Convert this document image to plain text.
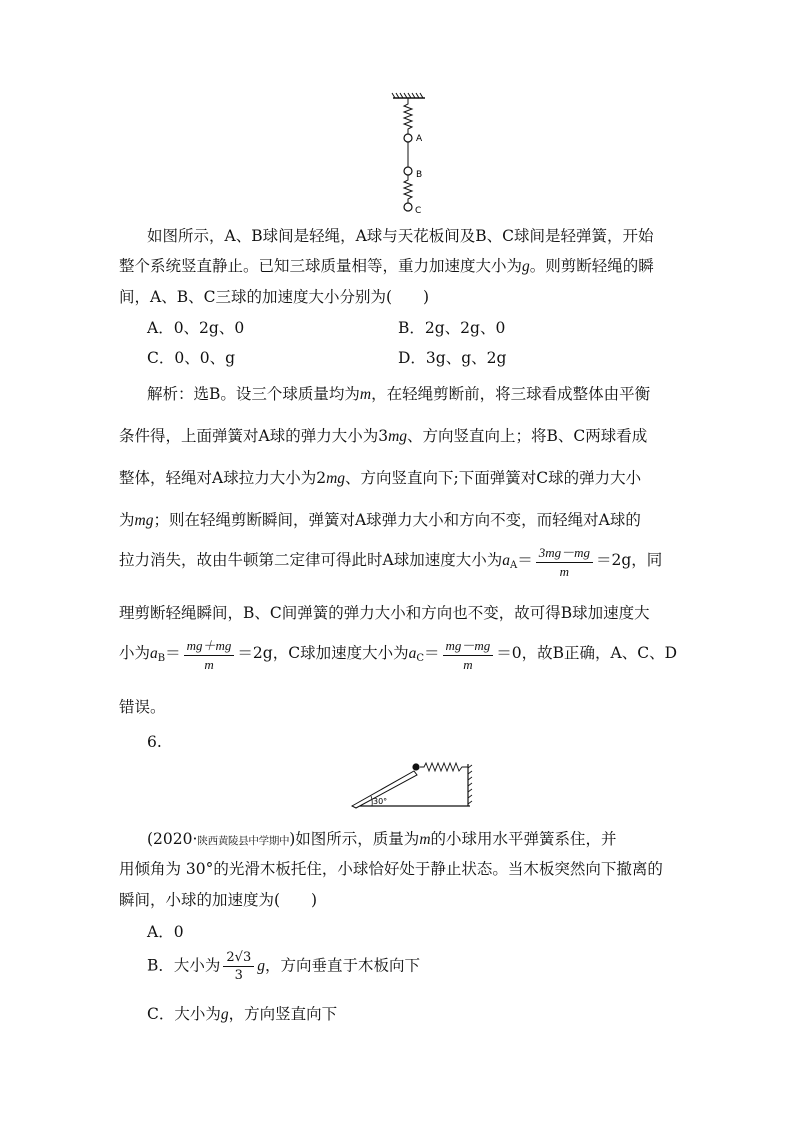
A
B
C
如图所示，A、B球间是轻绳，A球与天花板间及B、C球间是轻弹簧，开始
整个系统竖直静止。已知三球质量相等，重力加速度大小为g。则剪断轻绳的瞬
间，A、B、C三球的加速度大小分别为(　　)
A．0、2g、0	B．2g、2g、0
C．0、0、g	D．3g、g、2g
解析：选B。设三个球质量均为m，在轻绳剪断前，将三球看成整体由平衡
条件得，上面弹簧对A球的弹力大小为3mg、方向竖直向上；将B、C两球看成
整体，轻绳对A球拉力大小为2mg、方向竖直向下;下面弹簧对C球的弹力大小
为mg；则在轻绳剪断瞬间，弹簧对A球弹力大小和方向不变，而轻绳对A球的
拉力消失，故由牛顿第二定律可得此时A球加速度大小为$a_A= \frac{3mg-mg}{m} =2g$，同
理剪断轻绳瞬间，B、C间弹簧的弹力大小和方向也不变，故可得B球加速度大
小为$a_B= \frac{mg+mg}{m} =2g$，C球加速度大小为$a_C= \frac{mg-mg}{m} =0$，故B正确，A、C、D
错误。
6.
30°
(2020·陕西黄陵县中学期中)如图所示，质量为m的小球用水平弹簧系住，并
用倾角为 30°的光滑木板托住，小球恰好处于静止状态。当木板突然向下撤离的
瞬间，小球的加速度为(　　)
A．0
B．大小为 $\frac{2√3}{3}$ g，方向垂直于木板向下
C．大小为g，方向竖直向下
